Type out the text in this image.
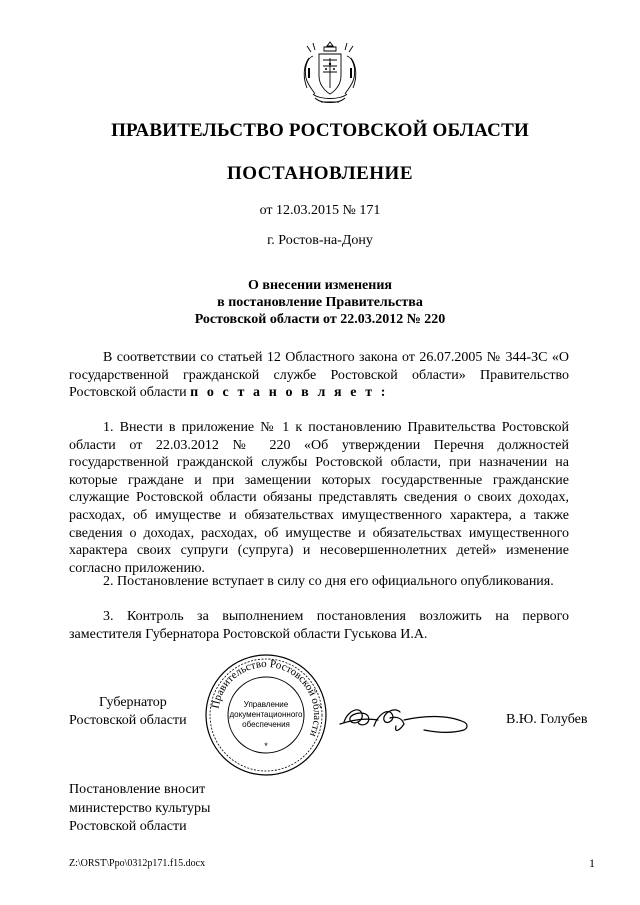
ПРАВИТЕЛЬСТВО РОСТОВСКОЙ ОБЛАСТИ
ПОСТАНОВЛЕНИЕ
от 12.03.2015 № 171
г. Ростов-на-Дону
О внесении изменения
в постановление Правительства
Ростовской области от 22.03.2012 № 220

В соответствии со статьей 12 Областного закона от 26.07.2005 № 344-ЗС «О государственной гражданской службе Ростовской области» Правительство Ростовской области п о с т а н о в л я е т :

1. Внести в приложение № 1 к постановлению Правительства Ростовской области от 22.03.2012 № 220 «Об утверждении Перечня должностей государственной гражданской службы Ростовской области, при назначении на которые граждане и при замещении которых государственные гражданские служащие Ростовской области обязаны представлять сведения о своих доходах, расходах, об имуществе и обязательствах имущественного характера, а также сведения о доходах, расходах, об имуществе и обязательствах имущественного характера своих супруги (супруга) и несовершеннолетних детей» изменение согласно приложению.

2. Постановление вступает в силу со дня его официального опубликования.

3. Контроль за выполнением постановления возложить на первого заместителя Губернатора Ростовской области Гуськова И.А.

Губернатор
Ростовской области
Правительство Ростовской области
Управление
документационного
обеспечения
*
В.Ю. Голубев
Постановление вносит
министерство культуры
Ростовской области
Z:\ORST\Ppo\0312p171.f15.docx	1
